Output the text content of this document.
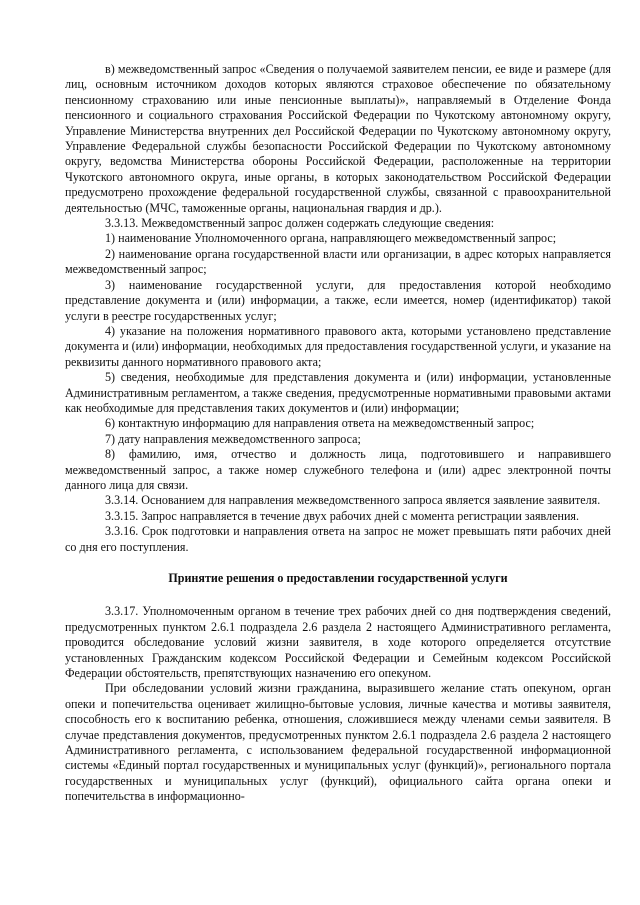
в) межведомственный запрос «Сведения о получаемой заявителем пенсии, ее виде и размере (для лиц, основным источником доходов которых являются страховое обеспечение по обязательному пенсионному страхованию или иные пенсионные выплаты)», направляемый в Отделение Фонда пенсионного и социального страхования Российской Федерации по Чукотскому автономному округу, Управление Министерства внутренних дел Российской Федерации по Чукотскому автономному округу, Управление Федеральной службы безопасности Российской Федерации по Чукотскому автономному округу, ведомства Министерства обороны Российской Федерации, расположенные на территории Чукотского автономного округа, иные органы, в которых законодательством Российской Федерации предусмотрено прохождение федеральной государственной службы, связанной с правоохранительной деятельностью (МЧС, таможенные органы, национальная гвардия и др.).

3.3.13. Межведомственный запрос должен содержать следующие сведения:

1) наименование Уполномоченного органа, направляющего межведомственный запрос;

2) наименование органа государственной власти или организации, в адрес которых направляется межведомственный запрос;

3) наименование государственной услуги, для предоставления которой необходимо представление документа и (или) информации, а также, если имеется, номер (идентификатор) такой услуги в реестре государственных услуг;

4) указание на положения нормативного правового акта, которыми установлено представление документа и (или) информации, необходимых для предоставления государственной услуги, и указание на реквизиты данного нормативного правового акта;

5) сведения, необходимые для представления документа и (или) информации, установленные Административным регламентом, а также сведения, предусмотренные нормативными правовыми актами как необходимые для представления таких документов и (или) информации;

6) контактную информацию для направления ответа на межведомственный запрос;

7) дату направления межведомственного запроса;

8) фамилию, имя, отчество и должность лица, подготовившего и направившего межведомственный запрос, а также номер служебного телефона и (или) адрес электронной почты данного лица для связи.

3.3.14. Основанием для направления межведомственного запроса является заявление заявителя.

3.3.15. Запрос направляется в течение двух рабочих дней с момента регистрации заявления.

3.3.16. Срок подготовки и направления ответа на запрос не может превышать пяти рабочих дней со дня его поступления.

Принятие решения о предоставлении государственной услуги

3.3.17. Уполномоченным органом в течение трех рабочих дней со дня подтверждения сведений, предусмотренных пунктом 2.6.1 подраздела 2.6 раздела 2 настоящего Административного регламента, проводится обследование условий жизни заявителя, в ходе которого определяется отсутствие установленных Гражданским кодексом Российской Федерации и Семейным кодексом Российской Федерации обстоятельств, препятствующих назначению его опекуном.

При обследовании условий жизни гражданина, выразившего желание стать опекуном, орган опеки и попечительства оценивает жилищно-бытовые условия, личные качества и мотивы заявителя, способность его к воспитанию ребенка, отношения, сложившиеся между членами семьи заявителя. В случае представления документов, предусмотренных пунктом 2.6.1 подраздела 2.6 раздела 2 настоящего Административного регламента, с использованием федеральной государственной информационной системы «Единый портал государственных и муниципальных услуг (функций)», регионального портала государственных и муниципальных услуг (функций), официального сайта органа опеки и попечительства в информационно-
